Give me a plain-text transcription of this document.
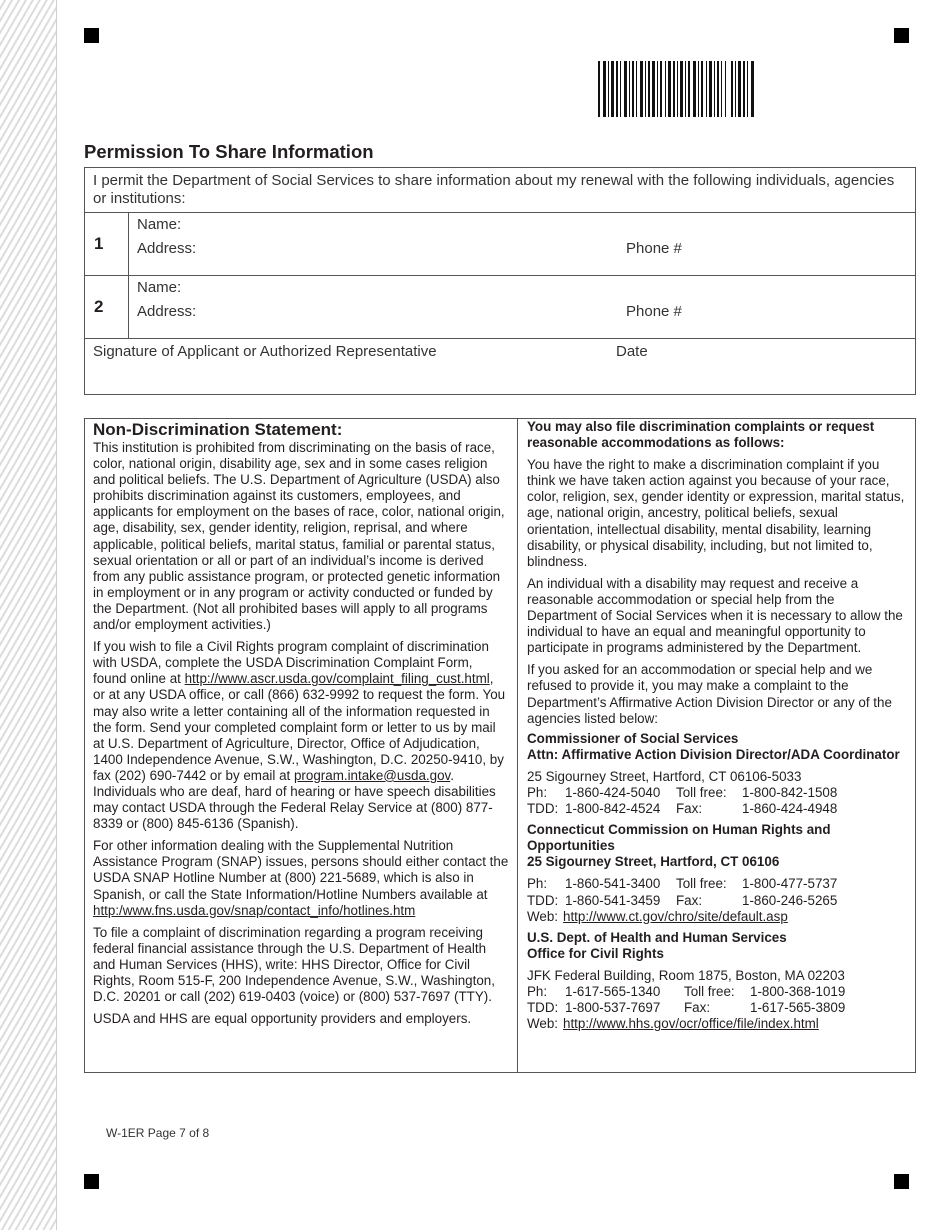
Permission To Share Information
I permit the Department of Social Services to share information about my renewal with the following individuals, agencies or institutions:	
1	Name:
Address: Phone #

2	Name:
Address: Phone #

Signature of Applicant or Authorized Representative Date	
Non-Discrimination Statement:

This institution is prohibited from discriminating on the basis of race, color, national origin, disability age, sex and in some cases religion and political beliefs. The U.S. Department of Agriculture (USDA) also prohibits discrimination against its customers, employees, and applicants for employment on the bases of race, color, national origin, age, disability, sex, gender identity, religion, reprisal, and where applicable, political beliefs, marital status, familial or parental status, sexual orientation or all or part of an individual’s income is derived from any public assistance program, or protected genetic information in employment or in any program or activity conducted or funded by the Department. (Not all prohibited bases will apply to all programs and/or employment activities.)

If you wish to file a Civil Rights program complaint of discrimination with USDA, complete the USDA Discrimination Complaint Form, found online at http://www.ascr.usda.gov/complaint_filing_cust.html, or at any USDA office, or call (866) 632-9992 to request the form. You may also write a letter containing all of the information requested in the form. Send your completed complaint form or letter to us by mail at U.S. Department of Agriculture, Director, Office of Adjudication, 1400 Independence Avenue, S.W., Washington, D.C. 20250-9410, by fax (202) 690-7442 or by email at program.intake@usda.gov. Individuals who are deaf, hard of hearing or have speech disabilities may contact USDA through the Federal Relay Service at (800) 877-8339 or (800) 845-6136 (Spanish).

For other information dealing with the Supplemental Nutrition Assistance Program (SNAP) issues, persons should either contact the USDA SNAP Hotline Number at (800) 221-5689, which is also in Spanish, or call the State Information/Hotline Numbers available at http:/www.fns.usda.gov/snap/contact_info/hotlines.htm

To file a complaint of discrimination regarding a program receiving federal financial assistance through the U.S. Department of Health and Human Services (HHS), write: HHS Director, Office for Civil Rights, Room 515-F, 200 Independence Avenue, S.W., Washington, D.C. 20201 or call (202) 619-0403 (voice) or (800) 537-7697 (TTY).

USDA and HHS are equal opportunity providers and employers.

You may also file discrimination complaints or request reasonable accommodations as follows:

You have the right to make a discrimination complaint if you think we have taken action against you because of your race, color, religion, sex, gender identity or expression, marital status, age, national origin, ancestry, political beliefs, sexual orientation, intellectual disability, mental disability, learning disability, or physical disability, including, but not limited to, blindness.

An individual with a disability may request and receive a reasonable accommodation or special help from the Department of Social Services when it is necessary to allow the individual to have an equal and meaningful opportunity to participate in programs administered by the Department.

If you asked for an accommodation or special help and we refused to provide it, you may make a complaint to the Department’s Affirmative Action Division Director or any of the agencies listed below:

Commissioner of Social Services

Attn: Affirmative Action Division Director/ADA Coordinator

25 Sigourney Street, Hartford, CT 06106-5033

Ph:	1-860-424-5040	Toll free:	1-800-842-1508
TDD: 1-800-842-4524	Fax:	1-860-424-4948

Connecticut Commission on Human Rights and Opportunities

25 Sigourney Street, Hartford, CT 06106

Ph:	1-860-541-3400	Toll free:	1-800-477-5737
TDD: 1-860-541-3459	Fax:	1-860-246-5265
Web: http://www.ct.gov/chro/site/default.asp

U.S. Dept. of Health and Human Services

Office for Civil Rights

JFK Federal Building, Room 1875, Boston, MA 02203

Ph:	1-617-565-1340	Toll free:	1-800-368-1019
TDD: 1-800-537-7697	Fax:	1-617-565-3809
Web: http://www.hhs.gov/ocr/office/file/index.html
W-1ER Page 7 of 8
